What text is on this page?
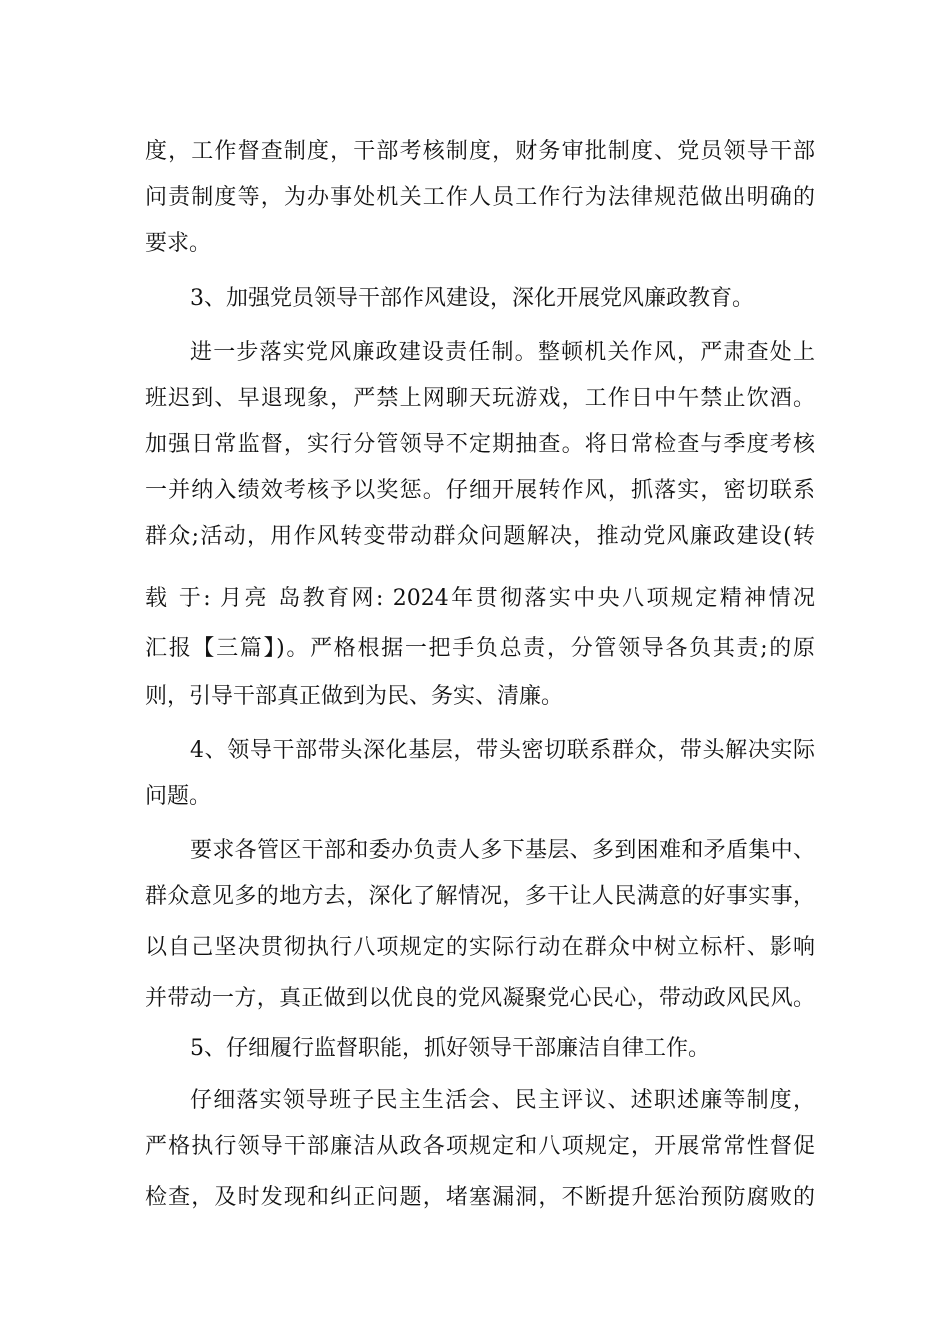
度，工作督查制度，干部考核制度，财务审批制度、党员领导干部
问责制度等，为办事处机关工作人员工作行为法律规范做出明确的
要求。
3、加强党员领导干部作风建设，深化开展党风廉政教育。
进一步落实党风廉政建设责任制。整顿机关作风，严肃查处上
班迟到、早退现象，严禁上网聊天玩游戏，工作日中午禁止饮酒。
加强日常监督，实行分管领导不定期抽查。将日常检查与季度考核
一并纳入绩效考核予以奖惩。仔细开展转作风，抓落实，密切联系
群众;活动，用作风转变带动群众问题解决，推动党风廉政建设(转
载 于: 月亮 岛教育网: 2024年贯彻落实中央八项规定精神情况
汇报【三篇】)。严格根据一把手负总责，分管领导各负其责;的原
则，引导干部真正做到为民、务实、清廉。
4、领导干部带头深化基层，带头密切联系群众，带头解决实际
问题。
要求各管区干部和委办负责人多下基层、多到困难和矛盾集中、
群众意见多的地方去，深化了解情况，多干让人民满意的好事实事，
以自己坚决贯彻执行八项规定的实际行动在群众中树立标杆、影响
并带动一方，真正做到以优良的党风凝聚党心民心，带动政风民风。
5、仔细履行监督职能，抓好领导干部廉洁自律工作。
仔细落实领导班子民主生活会、民主评议、述职述廉等制度，
严格执行领导干部廉洁从政各项规定和八项规定，开展常常性督促
检查，及时发现和纠正问题，堵塞漏洞，不断提升惩治预防腐败的
